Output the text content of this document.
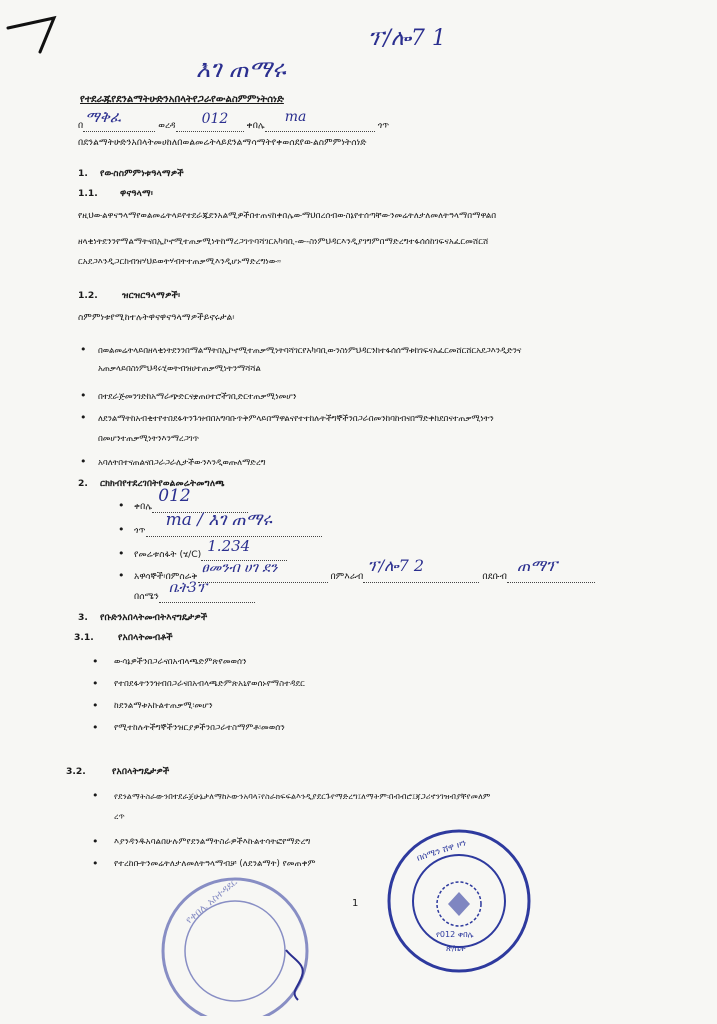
ፕ/ሎ7 1
እገ ጠማሩ
የተደራጁየደንልማትሁድንአበላትየጋራየውልስምምነትሰነድ
በ ማቅፈ	ወረዳ 012 ቀበሌ
ma
ጎጥ
በደንልማትሁድንአበላትመሀከለበወልመሬትላይደንልማሳማትየቀወሰደየውልስምምነትሰነድ
1. የውስስምምነቱዓላማዎች
1.1. ዋናዓላማ፡
የዚህውልዋናዓላማየወልመሬትላይየተደራጁደንአልሚዎችበተጠናከቀበሌውማህበረሰብውስኔየተሰጣቸውንመሬትለታለመለትዓላማበማዋልበ
ዘላቂነትደንንየማልማትናበኢኮኖሚተጠቃሚነትከማረጋገጥባሻገርአካባቢ-ው-ስነምህዳርእንዲያገግምበማድረግተፋሰሰከገፍናአፈርመሸርሸ
ርአደጋእንዲጋርከብዝሃህይወትሃብትተጠቃሚእንዲሆኑማድረግነው።
1.2.	ዝርዝርዓላማዎች፡
ስምምነቱየሚከተሉትዋናዋናዓላማዎችይኖሩታል፡
• በወልመሬትላይበዘላቂነትደንንበማልማትበኢኮኖሚተጠቃሚነትባሻገርየአካባቢውንስነምህዳርንከተፋሰሰማቱከገፍናአፈርመሸርሸርአደጋእንዲድንና
አጠቃላይበስነምህዳሩሂወትብዝሀተጠቃሚነትንማሻሻል
• በተደራጅመንገድከአማራጭድርናቋጠዐተሮችገቢድርተጠቃሚነመሆን
• ለደንልማትከአብቂተየተበደፋትንጉዝብበአግባቡጥቅምላይበማዋልናየተተከሉትችግኞችንበጋራበመንከባከብናበማድቀከደበናተጠቃሚነትን
በመሆንተጠቃሚነትንእንማረጋገጥ
• አባለትበተናጠልናበጋራጋራሊታችውንእንዲወጡለማድረግ
2. ርክክብየተደረገበትየወልመሬትመግለጫ
• ቀበሌ
012
• ጎጥ
ma / እገ ጠማሩ
• የመሬቱስፋት (ሄ/C) 1.234
• አዋሳኞች፡በምስራቅ
ፀመንብ ሀገ ደን
በምእራብ
ፕ/ሎ7 2
በደቡብ
ጠማፕ
በሰሜን
ቤት3ፕ
3. የቡድንአበላትመብትእናግዴታዎች
3.1.	የአበላትመብቶች
• ውሳኔዎችንበጋራናበአብላጫድምጽየመወሰን
• የተበደፋትንንዝብበጋራናበአብላጫድምጽአኒየወሰኑየማስተዳደር
• ከደንልማቱአኩልተጠቃሚ፡መሆን
• የሚተከሉትችግኞችንዝርያዎችንበጋራተስማምቶ፡መወሰን
3.2.	የአበላትግዴታዎች
• የደንልማትስራውንበተደራጀሁኔታለማከኦውንአባላ፣የስራክፍፍልእንዲያደርጉየማድረግ፤ለማትም፡በብብሮ፤ጃጋሪኖንገዝብያቸየመለም
ረጥ
• እያንዳንዱአባልበሁሉምየደንልማትስራዎችእኩልተሳትፎየማድረግ
• የተረከቡትንመሬትለታለመለትዓላማብቻ (ለደንልማት) የመጠቀም
1
በሰሜን ሸዋ ዞን
የ012 ቀበሌ
ጽ/ቤት
የቀበሌ አስተዳደር
